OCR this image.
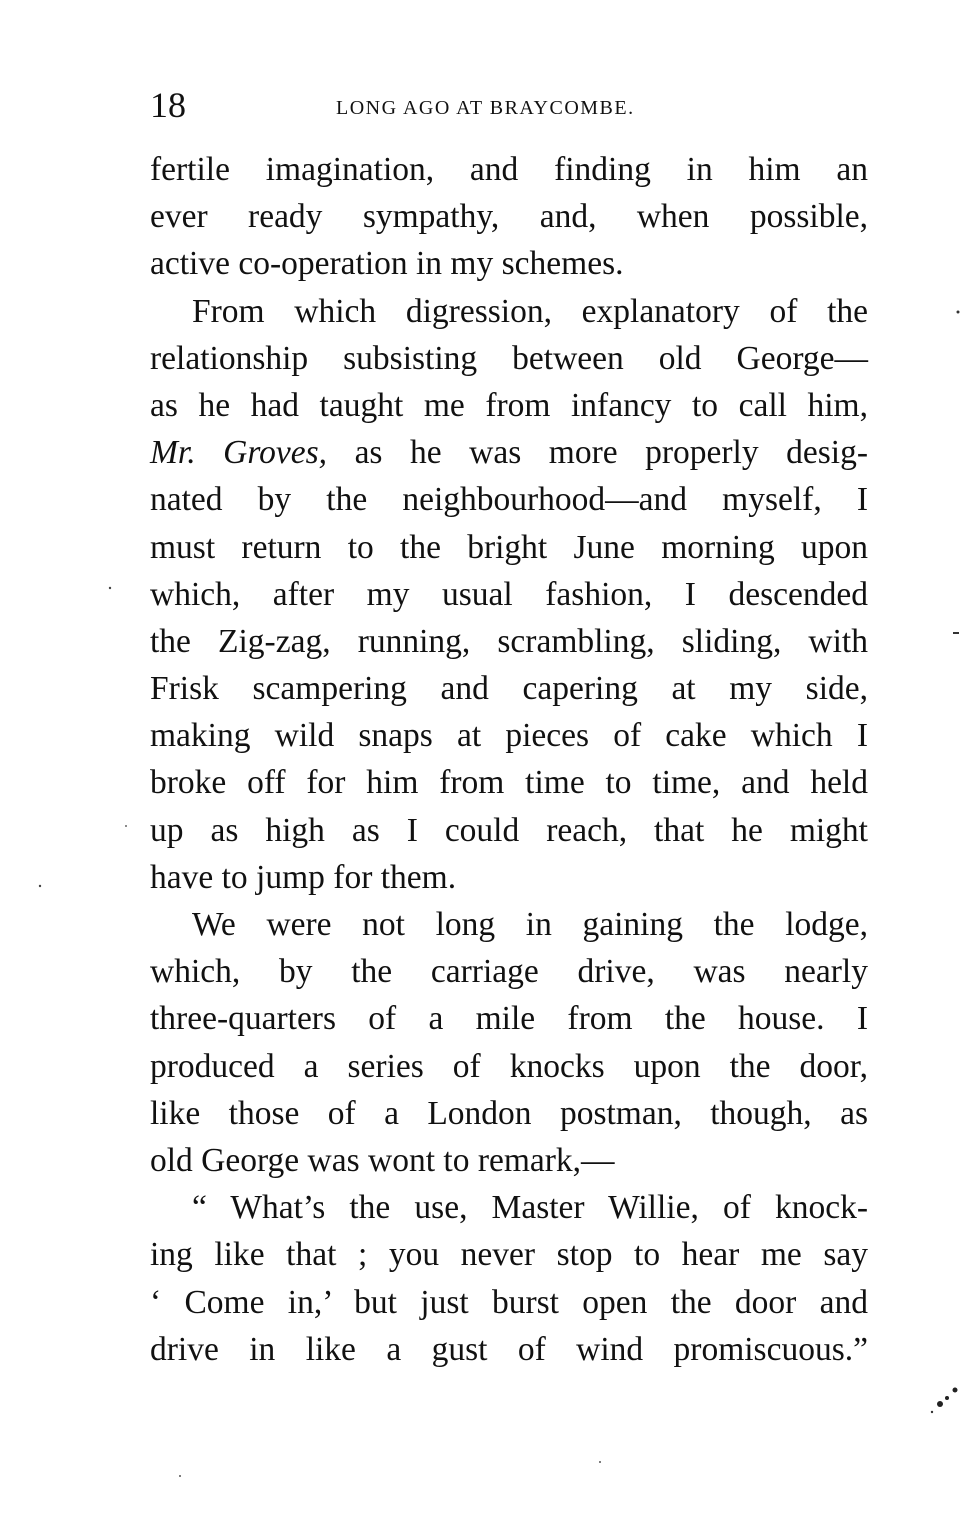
18	LONG AGO AT BRAYCOMBE.
fertile imagination, and finding in him an
ever ready sympathy, and, when possible,
active co-operation in my schemes.
From which digression, explanatory of the
relationship subsisting between old George—
as he had taught me from infancy to call him,
Mr. Groves, as he was more properly desig-
nated by the neighbourhood—and myself, I
must return to the bright June morning upon
which, after my usual fashion, I descended
the Zig-zag, running, scrambling, sliding, with
Frisk scampering and capering at my side,
making wild snaps at pieces of cake which I
broke off for him from time to time, and held
up as high as I could reach, that he might
have to jump for them.
We were not long in gaining the lodge,
which, by the carriage drive, was nearly
three-quarters of a mile from the house. I
produced a series of knocks upon the door,
like those of a London postman, though, as
old George was wont to remark,—
“ What’s the use, Master Willie, of knock-
ing like that ; you never stop to hear me say
‘ Come in,’ but just burst open the door and
drive in like a gust of wind promiscuous.”
